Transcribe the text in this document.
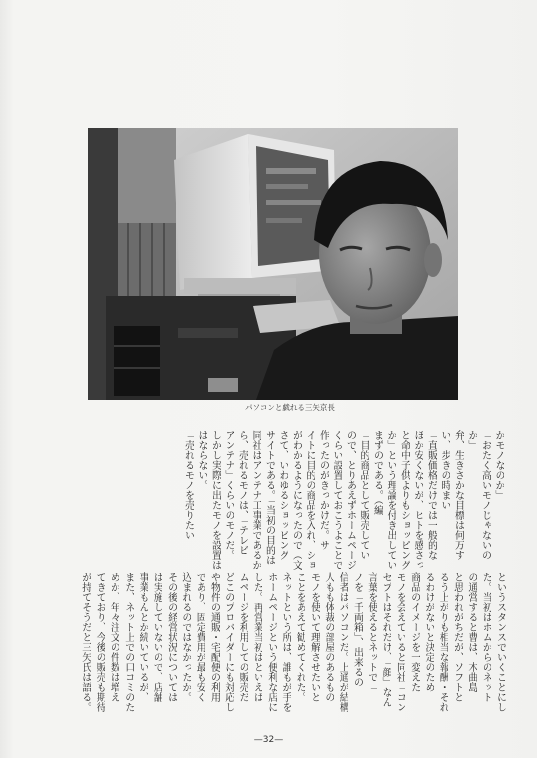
パソコンと戯れる三矢京長
かモノなのか」
「おたく高いモノじゃないの
か」
弁、生きさかな目標は何万す
い、歩きの時まい
「直販価格だけでは一般的な
ほか安くないが、ヒトを感さっ
と命中子供よりもショッピング
か」という理論を付き出してい
まずのである。（編
「目的商品として販売してい
ので、とりあえずホームページ
くらい設置しておこうよことで
作ったのがきっかけだ。サ
イトに目的の商品を入れ、ショ
がわかるようになったので（文
さて、いわゆるショッピング
サイトである。「当初の目的は
同社はアンテナ工事業であるか
ら、売れるモノは、「テレビ
アンテナ」くらいのモノだ。
しかし実際に出たモノを設置は
はならない。
「売れるモノを売りたい
というスタンスでいくことにし
た。当初はホムからのネット
の通営すると曹は、木曲島
と思われがちだが、ソフトと
るう上がりも相当な報酬・それ
るわけがないと決定のため
商品のイメージを一変えた
モノを会えていると同社「コン
セプトはそれだけ、「顔」なん
言葉を使えるとネットで「
ノを「千両箱」、出来るの
信者はパソコンだ。上通が結構
人もも体裁の部屋のあるもの
モノを使いて理解させたいと
ことをあえて勧めてくれた。
ネットという所は、誰もが手を
ホームページという便利な店に
した。再営業当初はといえば
ムページを利用しての販売だ
どこのプロバイダーにも対応し
や物件の通販・宅配便の利用
であり、固定費用が最も安く
込まれるのではなかったか。
その後の経営状況については
は実施していないので、店舗
事業もんとか続いているが、
また、ネット上での口コミのた
めか、年々注文の件数は増え
てきており、今後の販売も期待
が持てそうだと三矢氏は語る。
—32—
